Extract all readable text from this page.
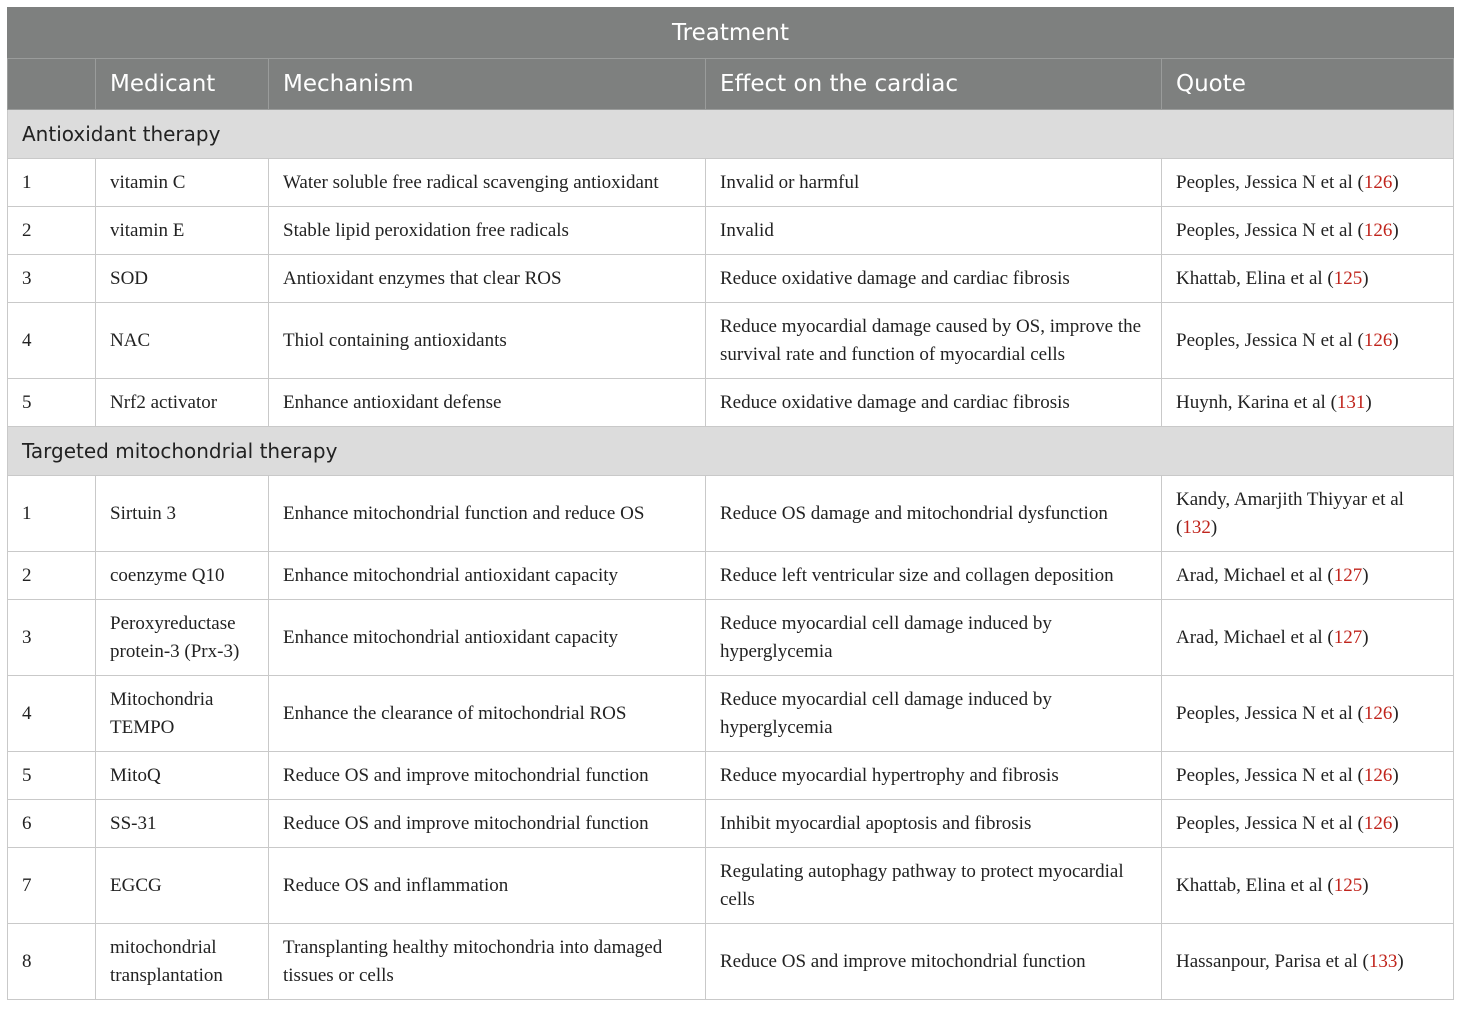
Treatment				
	Medicant	Mechanism	Effect on the cardiac	Quote
Antioxidant therapy				
1	vitamin C	Water soluble free radical scavenging antioxidant	Invalid or harmful	Peoples, Jessica N et al (126)
2	vitamin E	Stable lipid peroxidation free radicals	Invalid	Peoples, Jessica N et al (126)
3	SOD	Antioxidant enzymes that clear ROS	Reduce oxidative damage and cardiac fibrosis	Khattab, Elina et al (125)
4	NAC	Thiol containing antioxidants	Reduce myocardial damage caused by OS, improve the survival rate and function of myocardial cells	Peoples, Jessica N et al (126)
5	Nrf2 activator	Enhance antioxidant defense	Reduce oxidative damage and cardiac fibrosis	Huynh, Karina et al (131)
Targeted mitochondrial therapy				
1	Sirtuin 3	Enhance mitochondrial function and reduce OS	Reduce OS damage and mitochondrial dysfunction	Kandy, Amarjith Thiyyar et al (132)
2	coenzyme Q10	Enhance mitochondrial antioxidant capacity	Reduce left ventricular size and collagen deposition	Arad, Michael et al (127)
3	Peroxyreductase protein-3 (Prx-3)	Enhance mitochondrial antioxidant capacity	Reduce myocardial cell damage induced by hyperglycemia	Arad, Michael et al (127)
4	Mitochondria TEMPO	Enhance the clearance of mitochondrial ROS	Reduce myocardial cell damage induced by hyperglycemia	Peoples, Jessica N et al (126)
5	MitoQ	Reduce OS and improve mitochondrial function	Reduce myocardial hypertrophy and fibrosis	Peoples, Jessica N et al (126)
6	SS-31	Reduce OS and improve mitochondrial function	Inhibit myocardial apoptosis and fibrosis	Peoples, Jessica N et al (126)
7	EGCG	Reduce OS and inflammation	Regulating autophagy pathway to protect myocardial cells	Khattab, Elina et al (125)
8	mitochondrial transplantation	Transplanting healthy mitochondria into damaged tissues or cells	Reduce OS and improve mitochondrial function	Hassanpour, Parisa et al (133)
